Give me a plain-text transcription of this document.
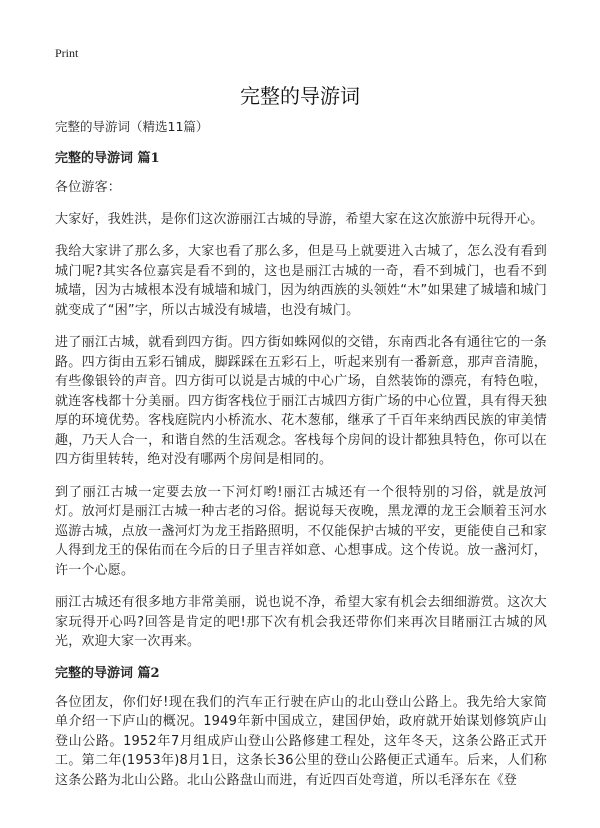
Print
完整的导游词

完整的导游词（精选11篇）

完整的导游词 篇1

各位游客：

大家好，我姓洪，是你们这次游丽江古城的导游，希望大家在这次旅游中玩得开心。

我给大家讲了那么多，大家也看了那么多，但是马上就要进入古城了，怎么没有看到城门呢?其实各位嘉宾是看不到的，这也是丽江古城的一奇，看不到城门，也看不到城墙，因为古城根本没有城墙和城门，因为纳西族的头领姓“木”如果建了城墙和城门就变成了“困”字，所以古城没有城墙，也没有城门。

进了丽江古城，就看到四方街。四方街如蛛网似的交错，东南西北各有通往它的一条路。四方街由五彩石铺成，脚踩踩在五彩石上，听起来别有一番新意，那声音清脆，有些像银铃的声音。四方街可以说是古城的中心广场，自然装饰的漂亮，有特色啦，就连客栈都十分美丽。四方街客栈位于丽江古城四方街广场的中心位置，具有得天独厚的环境优势。客栈庭院内小桥流水、花木葱郁，继承了千百年来纳西民族的审美情趣，乃天人合一，和谐自然的生活观念。客栈每个房间的设计都独具特色，你可以在四方街里转转，绝对没有哪两个房间是相同的。

到了丽江古城一定要去放一下河灯哟!丽江古城还有一个很特别的习俗，就是放河灯。放河灯是丽江古城一种古老的习俗。据说每天夜晚，黑龙潭的龙王会顺着玉河水巡游古城，点放一盏河灯为龙王指路照明，不仅能保护古城的平安，更能使自己和家人得到龙王的保佑而在今后的日子里吉祥如意、心想事成。这个传说。放一盏河灯，许一个心愿。

丽江古城还有很多地方非常美丽，说也说不净，希望大家有机会去细细游赏。这次大家玩得开心吗?回答是肯定的吧!那下次有机会我还带你们来再次目睹丽江古城的风光，欢迎大家一次再来。

完整的导游词 篇2

各位团友，你们好!现在我们的汽车正行驶在庐山的北山登山公路上。我先给大家简单介绍一下庐山的概况。1949年新中国成立，建国伊始，政府就开始谋划修筑庐山登山公路。1952年7月组成庐山登山公路修建工程处，这年冬天，这条公路正式开工。第二年(1953年)8月1日，这条长36公里的登山公路便正式通车。后来，人们称这条公路为北山公路。北山公路盘山而进，有近四百处弯道，所以毛泽东在《登
